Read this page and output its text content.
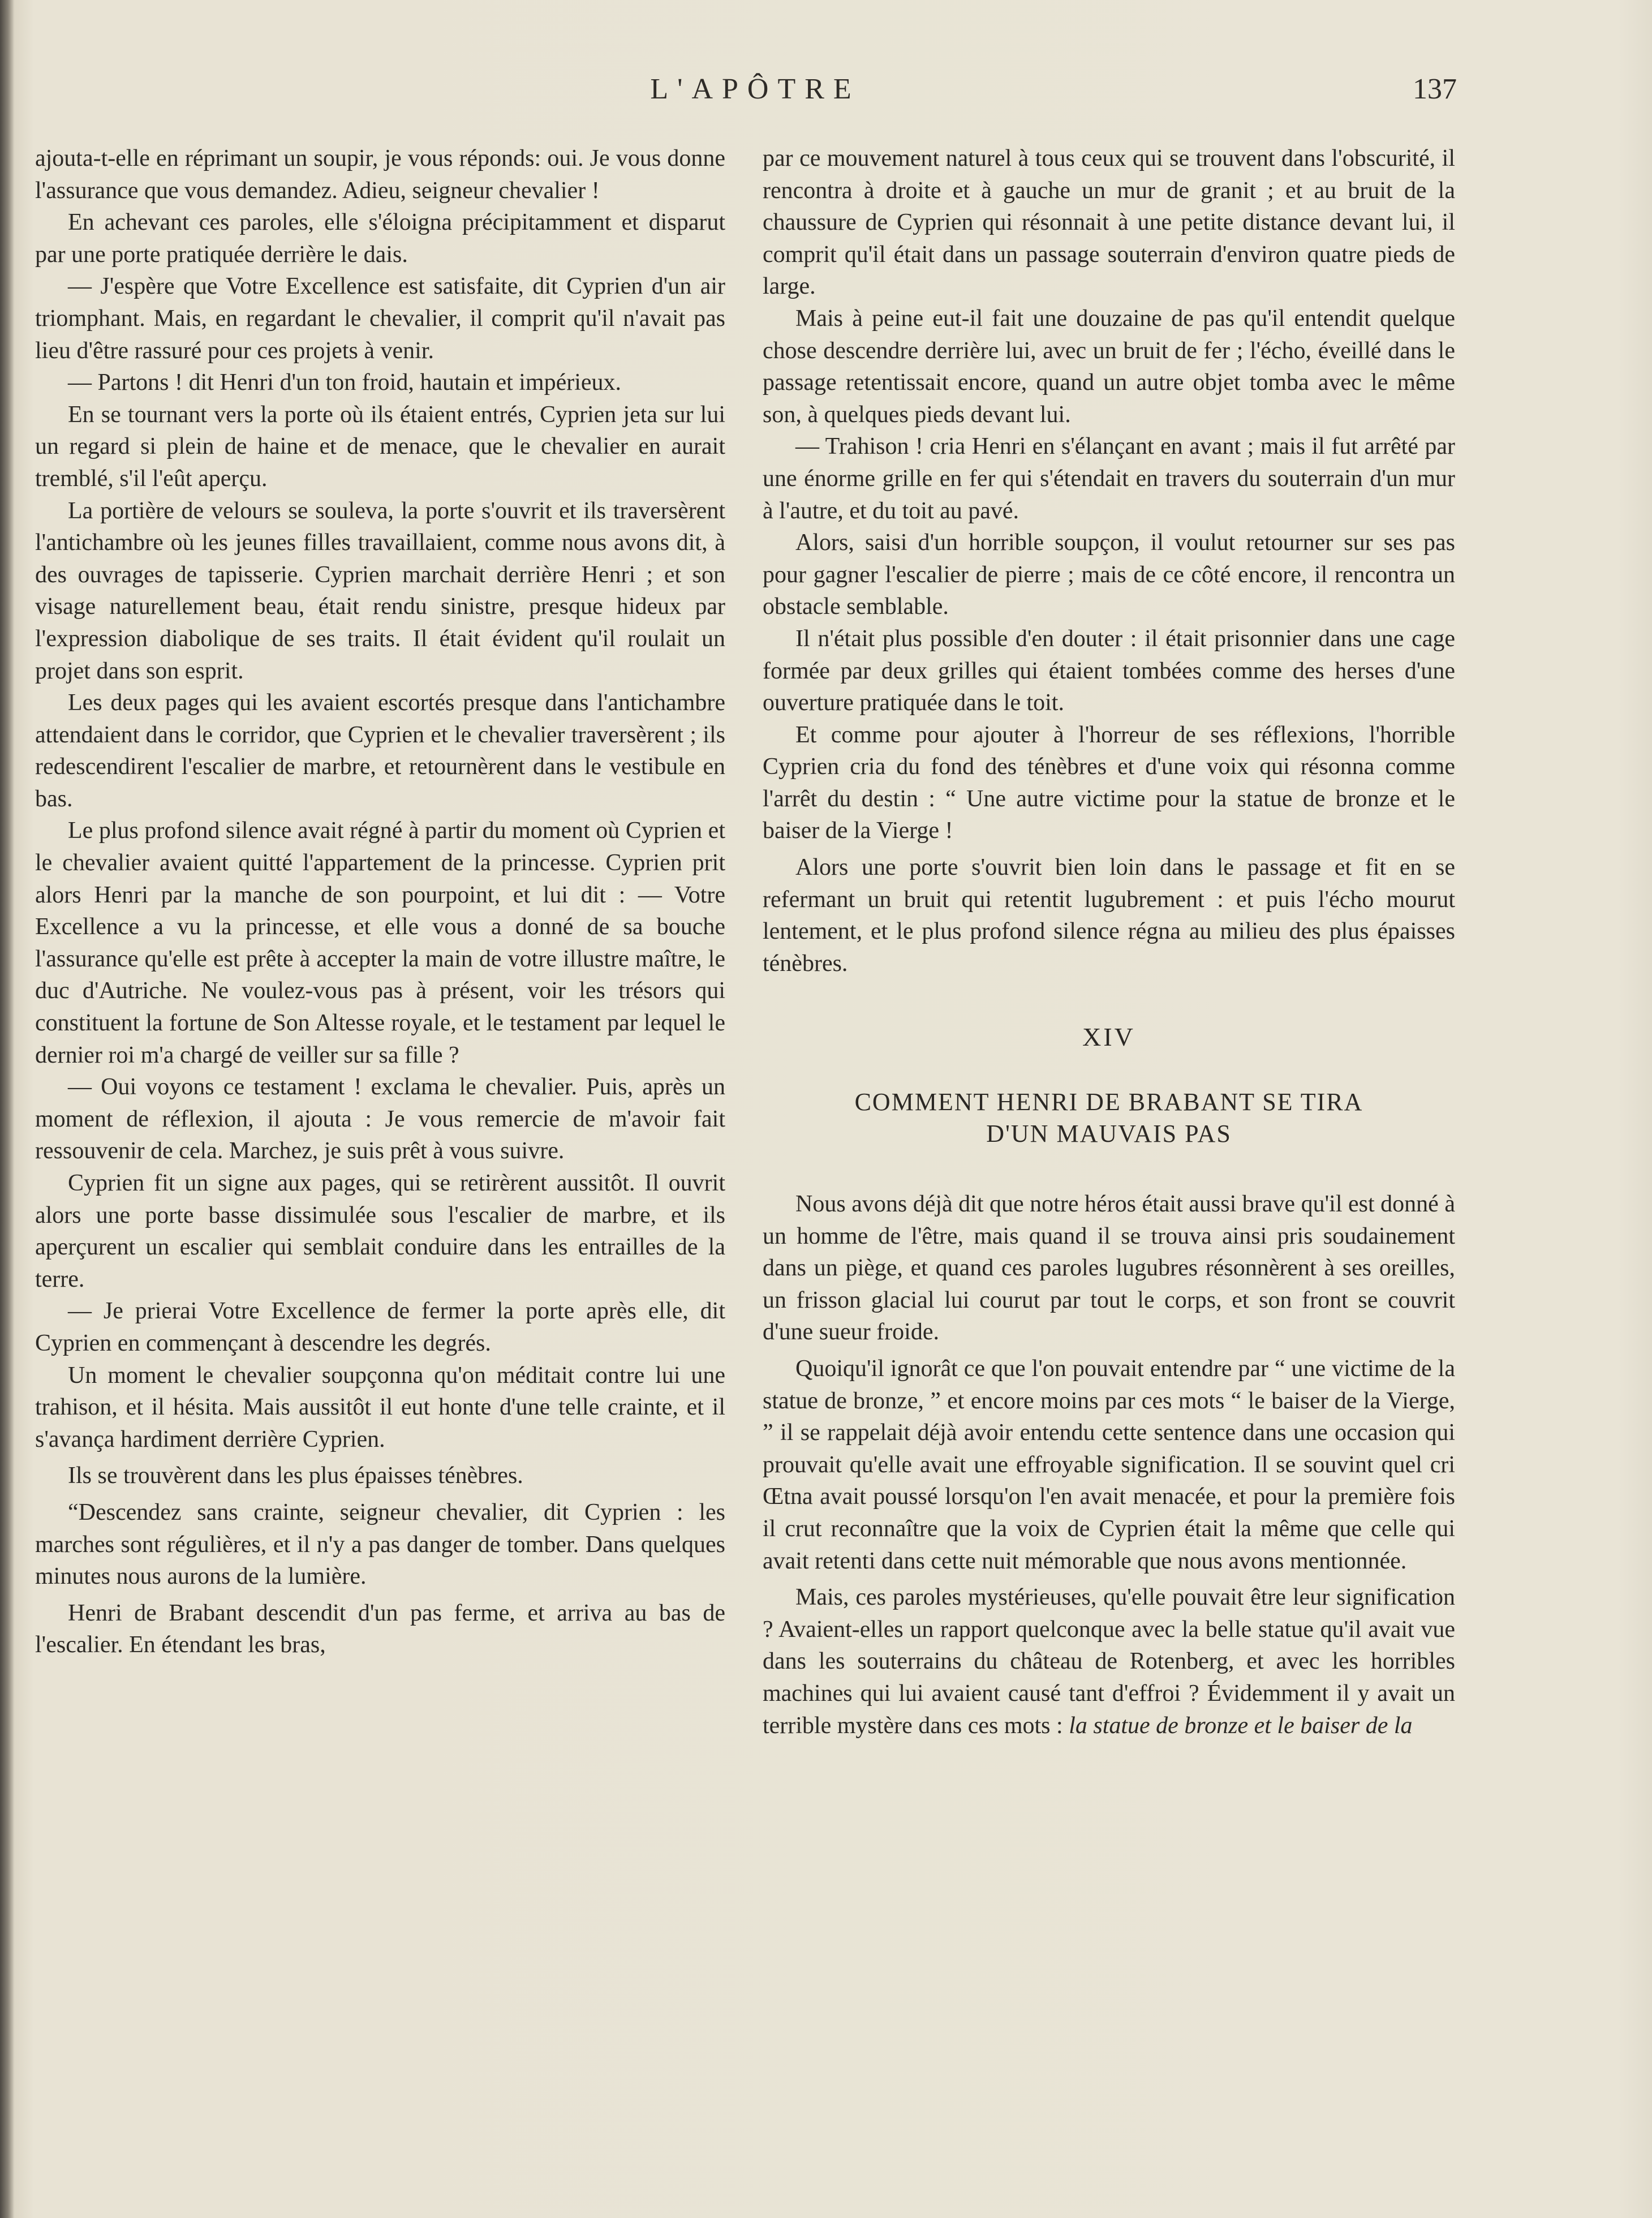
L'APÔTRE	137

ajouta-t-elle en réprimant un soupir, je vous réponds: oui. Je vous donne l'assurance que vous demandez. Adieu, seigneur chevalier !

En achevant ces paroles, elle s'éloigna précipitamment et disparut par une porte pratiquée derrière le dais.

— J'espère que Votre Excellence est satisfaite, dit Cyprien d'un air triomphant. Mais, en regardant le chevalier, il comprit qu'il n'avait pas lieu d'être rassuré pour ces projets à venir.

— Partons ! dit Henri d'un ton froid, hautain et impérieux.

En se tournant vers la porte où ils étaient entrés, Cyprien jeta sur lui un regard si plein de haine et de menace, que le chevalier en aurait tremblé, s'il l'eût aperçu.

La portière de velours se souleva, la porte s'ouvrit et ils traversèrent l'antichambre où les jeunes filles travaillaient, comme nous avons dit, à des ouvrages de tapisserie. Cyprien marchait derrière Henri ; et son visage naturellement beau, était rendu sinistre, presque hideux par l'expression diabolique de ses traits. Il était évident qu'il roulait un projet dans son esprit.

Les deux pages qui les avaient escortés presque dans l'antichambre attendaient dans le corridor, que Cyprien et le chevalier traversèrent ; ils redescendirent l'escalier de marbre, et retournèrent dans le vestibule en bas.

Le plus profond silence avait régné à partir du moment où Cyprien et le chevalier avaient quitté l'appartement de la princesse. Cyprien prit alors Henri par la manche de son pourpoint, et lui dit : — Votre Excellence a vu la princesse, et elle vous a donné de sa bouche l'assurance qu'elle est prête à accepter la main de votre illustre maître, le duc d'Autriche. Ne voulez-vous pas à présent, voir les trésors qui constituent la fortune de Son Altesse royale, et le testament par lequel le dernier roi m'a chargé de veiller sur sa fille ?

— Oui voyons ce testament ! exclama le chevalier. Puis, après un moment de réflexion, il ajouta : Je vous remercie de m'avoir fait ressouvenir de cela. Marchez, je suis prêt à vous suivre.

Cyprien fit un signe aux pages, qui se retirèrent aussitôt. Il ouvrit alors une porte basse dissimulée sous l'escalier de marbre, et ils aperçurent un escalier qui semblait conduire dans les entrailles de la terre.

— Je prierai Votre Excellence de fermer la porte après elle, dit Cyprien en commençant à descendre les degrés.

Un moment le chevalier soupçonna qu'on méditait contre lui une trahison, et il hésita. Mais aussitôt il eut honte d'une telle crainte, et il s'avança hardiment derrière Cyprien.

Ils se trouvèrent dans les plus épaisses ténèbres.

“Descendez sans crainte, seigneur chevalier, dit Cyprien : les marches sont régulières, et il n'y a pas danger de tomber. Dans quelques minutes nous aurons de la lumière.

Henri de Brabant descendit d'un pas ferme, et arriva au bas de l'escalier. En étendant les bras,

par ce mouvement naturel à tous ceux qui se trouvent dans l'obscurité, il rencontra à droite et à gauche un mur de granit ; et au bruit de la chaussure de Cyprien qui résonnait à une petite distance devant lui, il comprit qu'il était dans un passage souterrain d'environ quatre pieds de large.

Mais à peine eut-il fait une douzaine de pas qu'il entendit quelque chose descendre derrière lui, avec un bruit de fer ; l'écho, éveillé dans le passage retentissait encore, quand un autre objet tomba avec le même son, à quelques pieds devant lui.

— Trahison ! cria Henri en s'élançant en avant ; mais il fut arrêté par une énorme grille en fer qui s'étendait en travers du souterrain d'un mur à l'autre, et du toit au pavé.

Alors, saisi d'un horrible soupçon, il voulut retourner sur ses pas pour gagner l'escalier de pierre ; mais de ce côté encore, il rencontra un obstacle semblable.

Il n'était plus possible d'en douter : il était prisonnier dans une cage formée par deux grilles qui étaient tombées comme des herses d'une ouverture pratiquée dans le toit.

Et comme pour ajouter à l'horreur de ses réflexions, l'horrible Cyprien cria du fond des ténèbres et d'une voix qui résonna comme l'arrêt du destin : “ Une autre victime pour la statue de bronze et le baiser de la Vierge !

Alors une porte s'ouvrit bien loin dans le passage et fit en se refermant un bruit qui retentit lugubrement : et puis l'écho mourut lentement, et le plus profond silence régna au milieu des plus épaisses ténèbres.

XIV
COMMENT HENRI DE BRABANT SE TIRA
D'UN MAUVAIS PAS

Nous avons déjà dit que notre héros était aussi brave qu'il est donné à un homme de l'être, mais quand il se trouva ainsi pris soudainement dans un piège, et quand ces paroles lugubres résonnèrent à ses oreilles, un frisson glacial lui courut par tout le corps, et son front se couvrit d'une sueur froide.

Quoiqu'il ignorât ce que l'on pouvait entendre par “ une victime de la statue de bronze, ” et encore moins par ces mots “ le baiser de la Vierge, ” il se rappelait déjà avoir entendu cette sentence dans une occasion qui prouvait qu'elle avait une effroyable signification. Il se souvint quel cri Œtna avait poussé lorsqu'on l'en avait menacée, et pour la première fois il crut reconnaître que la voix de Cyprien était la même que celle qui avait retenti dans cette nuit mémorable que nous avons mentionnée.

Mais, ces paroles mystérieuses, qu'elle pouvait être leur signification ? Avaient-elles un rapport quelconque avec la belle statue qu'il avait vue dans les souterrains du château de Rotenberg, et avec les horribles machines qui lui avaient causé tant d'effroi ? Évidemment il y avait un terrible mystère dans ces mots : la statue de bronze et le baiser de la
